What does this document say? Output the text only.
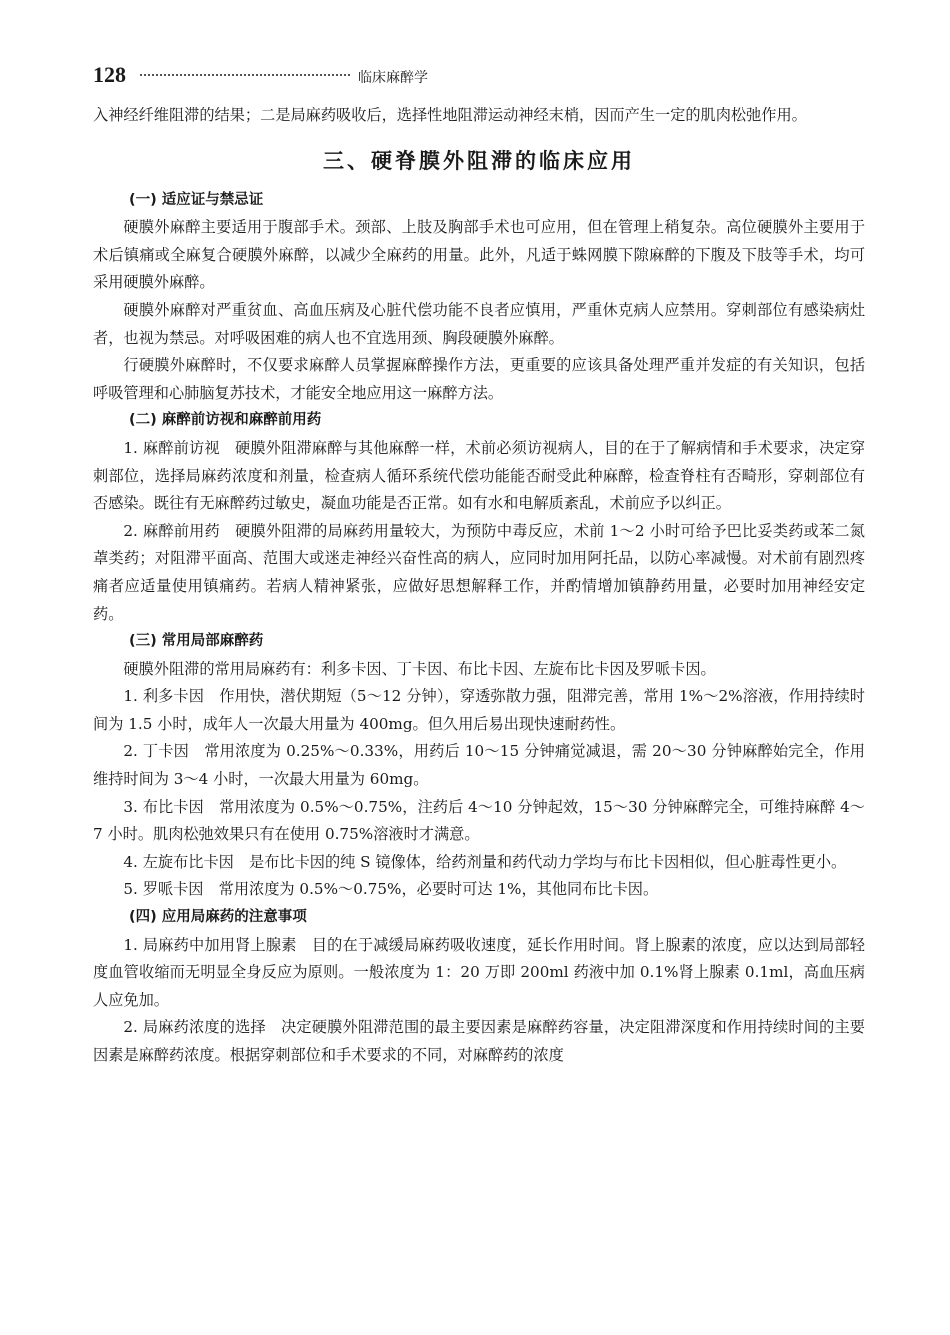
128	临床麻醉学

入神经纤维阻滞的结果；二是局麻药吸收后，选择性地阻滞运动神经末梢，因而产生一定的肌肉松弛作用。

三、硬脊膜外阻滞的临床应用
(一) 适应证与禁忌证

硬膜外麻醉主要适用于腹部手术。颈部、上肢及胸部手术也可应用，但在管理上稍复杂。高位硬膜外主要用于术后镇痛或全麻复合硬膜外麻醉，以减少全麻药的用量。此外，凡适于蛛网膜下隙麻醉的下腹及下肢等手术，均可采用硬膜外麻醉。

硬膜外麻醉对严重贫血、高血压病及心脏代偿功能不良者应慎用，严重休克病人应禁用。穿刺部位有感染病灶者，也视为禁忌。对呼吸困难的病人也不宜选用颈、胸段硬膜外麻醉。

行硬膜外麻醉时，不仅要求麻醉人员掌握麻醉操作方法，更重要的应该具备处理严重并发症的有关知识，包括呼吸管理和心肺脑复苏技术，才能安全地应用这一麻醉方法。

(二) 麻醉前访视和麻醉前用药

1. 麻醉前访视 硬膜外阻滞麻醉与其他麻醉一样，术前必须访视病人，目的在于了解病情和手术要求，决定穿刺部位，选择局麻药浓度和剂量，检查病人循环系统代偿功能能否耐受此种麻醉，检查脊柱有否畸形，穿刺部位有否感染。既往有无麻醉药过敏史，凝血功能是否正常。如有水和电解质紊乱，术前应予以纠正。

2. 麻醉前用药 硬膜外阻滞的局麻药用量较大，为预防中毒反应，术前 1～2 小时可给予巴比妥类药或苯二氮䓬类药；对阻滞平面高、范围大或迷走神经兴奋性高的病人，应同时加用阿托品，以防心率减慢。对术前有剧烈疼痛者应适量使用镇痛药。若病人精神紧张，应做好思想解释工作，并酌情增加镇静药用量，必要时加用神经安定药。

(三) 常用局部麻醉药

硬膜外阻滞的常用局麻药有：利多卡因、丁卡因、布比卡因、左旋布比卡因及罗哌卡因。

1. 利多卡因 作用快，潜伏期短（5～12 分钟），穿透弥散力强，阻滞完善，常用 1%～2%溶液，作用持续时间为 1.5 小时，成年人一次最大用量为 400mg。但久用后易出现快速耐药性。

2. 丁卡因 常用浓度为 0.25%～0.33%，用药后 10～15 分钟痛觉减退，需 20～30 分钟麻醉始完全，作用维持时间为 3～4 小时，一次最大用量为 60mg。

3. 布比卡因 常用浓度为 0.5%～0.75%，注药后 4～10 分钟起效，15～30 分钟麻醉完全，可维持麻醉 4～7 小时。肌肉松弛效果只有在使用 0.75%溶液时才满意。

4. 左旋布比卡因 是布比卡因的纯 S 镜像体，给药剂量和药代动力学均与布比卡因相似，但心脏毒性更小。

5. 罗哌卡因 常用浓度为 0.5%～0.75%，必要时可达 1%，其他同布比卡因。

(四) 应用局麻药的注意事项

1. 局麻药中加用肾上腺素 目的在于减缓局麻药吸收速度，延长作用时间。肾上腺素的浓度，应以达到局部轻度血管收缩而无明显全身反应为原则。一般浓度为 1：20 万即 200ml 药液中加 0.1%肾上腺素 0.1ml，高血压病人应免加。

2. 局麻药浓度的选择 决定硬膜外阻滞范围的最主要因素是麻醉药容量，决定阻滞深度和作用持续时间的主要因素是麻醉药浓度。根据穿刺部位和手术要求的不同，对麻醉药的浓度
